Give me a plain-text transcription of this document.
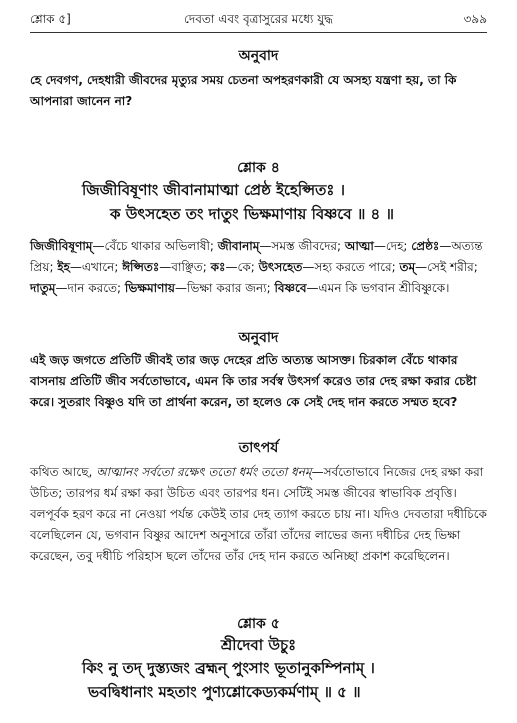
শ্লোক ৫]	দেবতা এবং বৃত্রাসুরের মধ্যে যুদ্ধ	৩৯৯
অনুবাদ
হে দেবগণ, দেহধারী জীবদের মৃত্যুর সময় চেতনা অপহরণকারী যে অসহ্য যন্ত্রণা হয়, তা কি আপনারা জানেন না?
শ্লোক ৪
জিজীবিষূণাং জীবানামাত্মা প্রেষ্ঠ ইহেপ্সিতঃ ।
ক উৎসহেত তং দাতুং ভিক্ষমাণায় বিষ্ণবে ॥ ৪ ॥
জিজীবিষূণাম্—বেঁচে থাকার অভিলাষী; জীবানাম্—সমস্ত জীবদের; আত্মা—দেহ; প্রেষ্ঠঃ—অত্যন্ত প্রিয়; ইহ—এখানে; ঈপ্সিতঃ—বাঞ্ছিত; কঃ—কে; উৎসহেত—সহ্য করতে পারে; তম্—সেই শরীর; দাতুম্—দান করতে; ভিক্ষমাণায়—ভিক্ষা করার জন্য; বিষ্ণবে—এমন কি ভগবান শ্রীবিষ্ণুকে।
অনুবাদ
এই জড় জগতে প্রতিটি জীবই তার জড় দেহের প্রতি অত্যন্ত আসক্ত। চিরকাল বেঁচে থাকার বাসনায় প্রতিটি জীব সর্বতোভাবে, এমন কি তার সর্বস্ব উৎসর্গ করেও তার দেহ রক্ষা করার চেষ্টা করে। সুতরাং বিষ্ণুও যদি তা প্রার্থনা করেন, তা হলেও কে সেই দেহ দান করতে সম্মত হবে?
তাৎপর্য
কথিত আছে, আত্মানং সর্বতো রক্ষেৎ ততো ধর্মং ততো ধনম্—সর্বতোভাবে নিজের দেহ রক্ষা করা উচিত; তারপর ধর্ম রক্ষা করা উচিত এবং তারপর ধন। সেটিই সমস্ত জীবের স্বাভাবিক প্রবৃত্তি। বলপূর্বক হরণ করে না নেওয়া পর্যন্ত কেউই তার দেহ ত্যাগ করতে চায় না। যদিও দেবতারা দধীচিকে বলেছিলেন যে, ভগবান বিষ্ণুর আদেশ অনুসারে তাঁরা তাঁদের লাভের জন্য দধীচির দেহ ভিক্ষা করেছেন, তবু দধীচি পরিহাস ছলে তাঁদের তাঁর দেহ দান করতে অনিচ্ছা প্রকাশ করেছিলেন।
শ্লোক ৫
শ্রীদেবা উচুঃ
কিং নু তদ্ দুস্ত্যজং ব্রহ্মন্ পুংসাং ভূতানুকম্পিনাম্ ।
ভবদ্বিধানাং মহতাং পুণ্যশ্লোকেড্যকর্মণাম্ ॥ ৫ ॥
